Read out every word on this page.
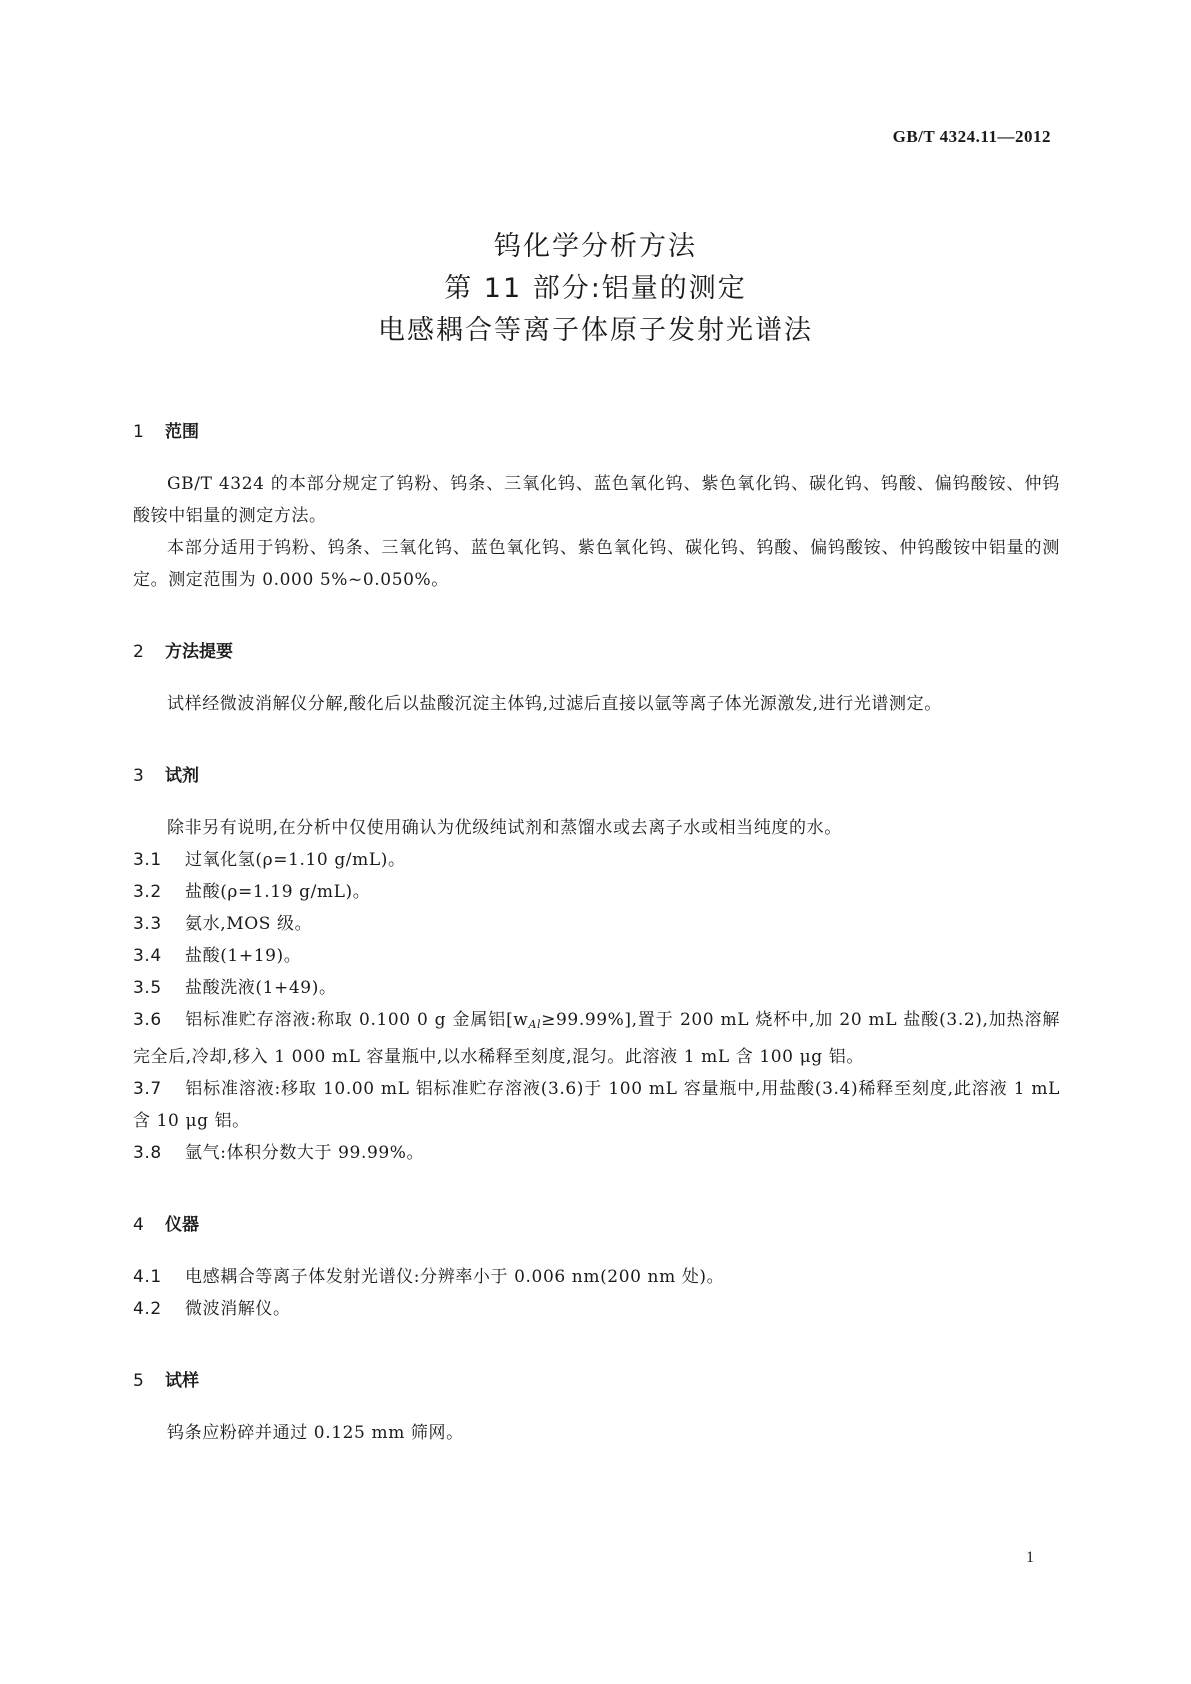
GB/T 4324.11—2012
钨化学分析方法
第 11 部分:铝量的测定
电感耦合等离子体原子发射光谱法

1 范围

GB/T 4324 的本部分规定了钨粉、钨条、三氧化钨、蓝色氧化钨、紫色氧化钨、碳化钨、钨酸、偏钨酸铵、仲钨酸铵中铝量的测定方法。

本部分适用于钨粉、钨条、三氧化钨、蓝色氧化钨、紫色氧化钨、碳化钨、钨酸、偏钨酸铵、仲钨酸铵中铝量的测定。测定范围为 0.000 5%~0.050%。

2 方法提要

试样经微波消解仪分解,酸化后以盐酸沉淀主体钨,过滤后直接以氩等离子体光源激发,进行光谱测定。

3 试剂

除非另有说明,在分析中仅使用确认为优级纯试剂和蒸馏水或去离子水或相当纯度的水。

3.1 过氧化氢(ρ=1.10 g/mL)。

3.2 盐酸(ρ=1.19 g/mL)。

3.3 氨水,MOS 级。

3.4 盐酸(1+19)。

3.5 盐酸洗液(1+49)。

3.6 铝标准贮存溶液:称取 0.100 0 g 金属铝$[w_{Al}\ge 99.99\%]$,置于 200 mL 烧杯中,加 20 mL 盐酸(3.2),加热溶解完全后,冷却,移入 1 000 mL 容量瓶中,以水稀释至刻度,混匀。此溶液 1 mL 含 100 μg 铝。

3.7 铝标准溶液:移取 10.00 mL 铝标准贮存溶液(3.6)于 100 mL 容量瓶中,用盐酸(3.4)稀释至刻度,此溶液 1 mL 含 10 μg 铝。

3.8 氩气:体积分数大于 99.99%。

4 仪器

4.1 电感耦合等离子体发射光谱仪:分辨率小于 0.006 nm(200 nm 处)。

4.2 微波消解仪。

5 试样

钨条应粉碎并通过 0.125 mm 筛网。

1
